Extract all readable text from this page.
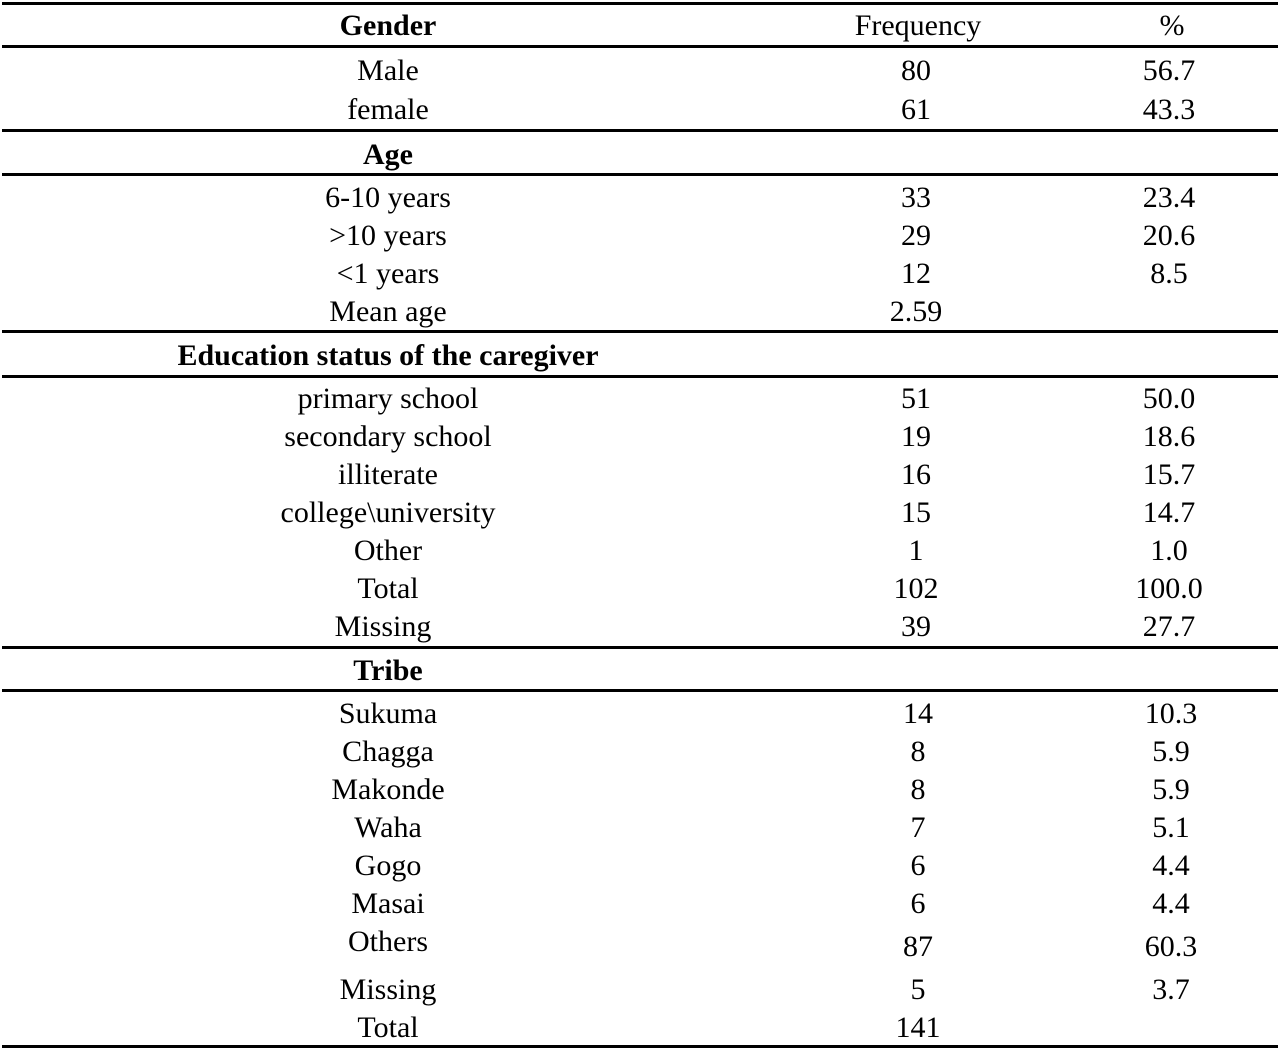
Gender	Frequency	%
Male	80	56.7
female	61	43.3
Age
6-10 years	33	23.4
>10 years	29	20.6
<1 years	12	8.5
Mean age	2.59
Education status of the caregiver
primary school	51	50.0
secondary school	19	18.6
illiterate	16	15.7
college\university	15	14.7
Other	1	1.0
Total	102	100.0
Missing	39	27.7
Tribe
Sukuma	14	10.3
Chagga	8	5.9
Makonde	8	5.9
Waha	7	5.1
Gogo	6	4.4
Masai	6	4.4
Others	87	60.3
Missing	5	3.7
Total	141
